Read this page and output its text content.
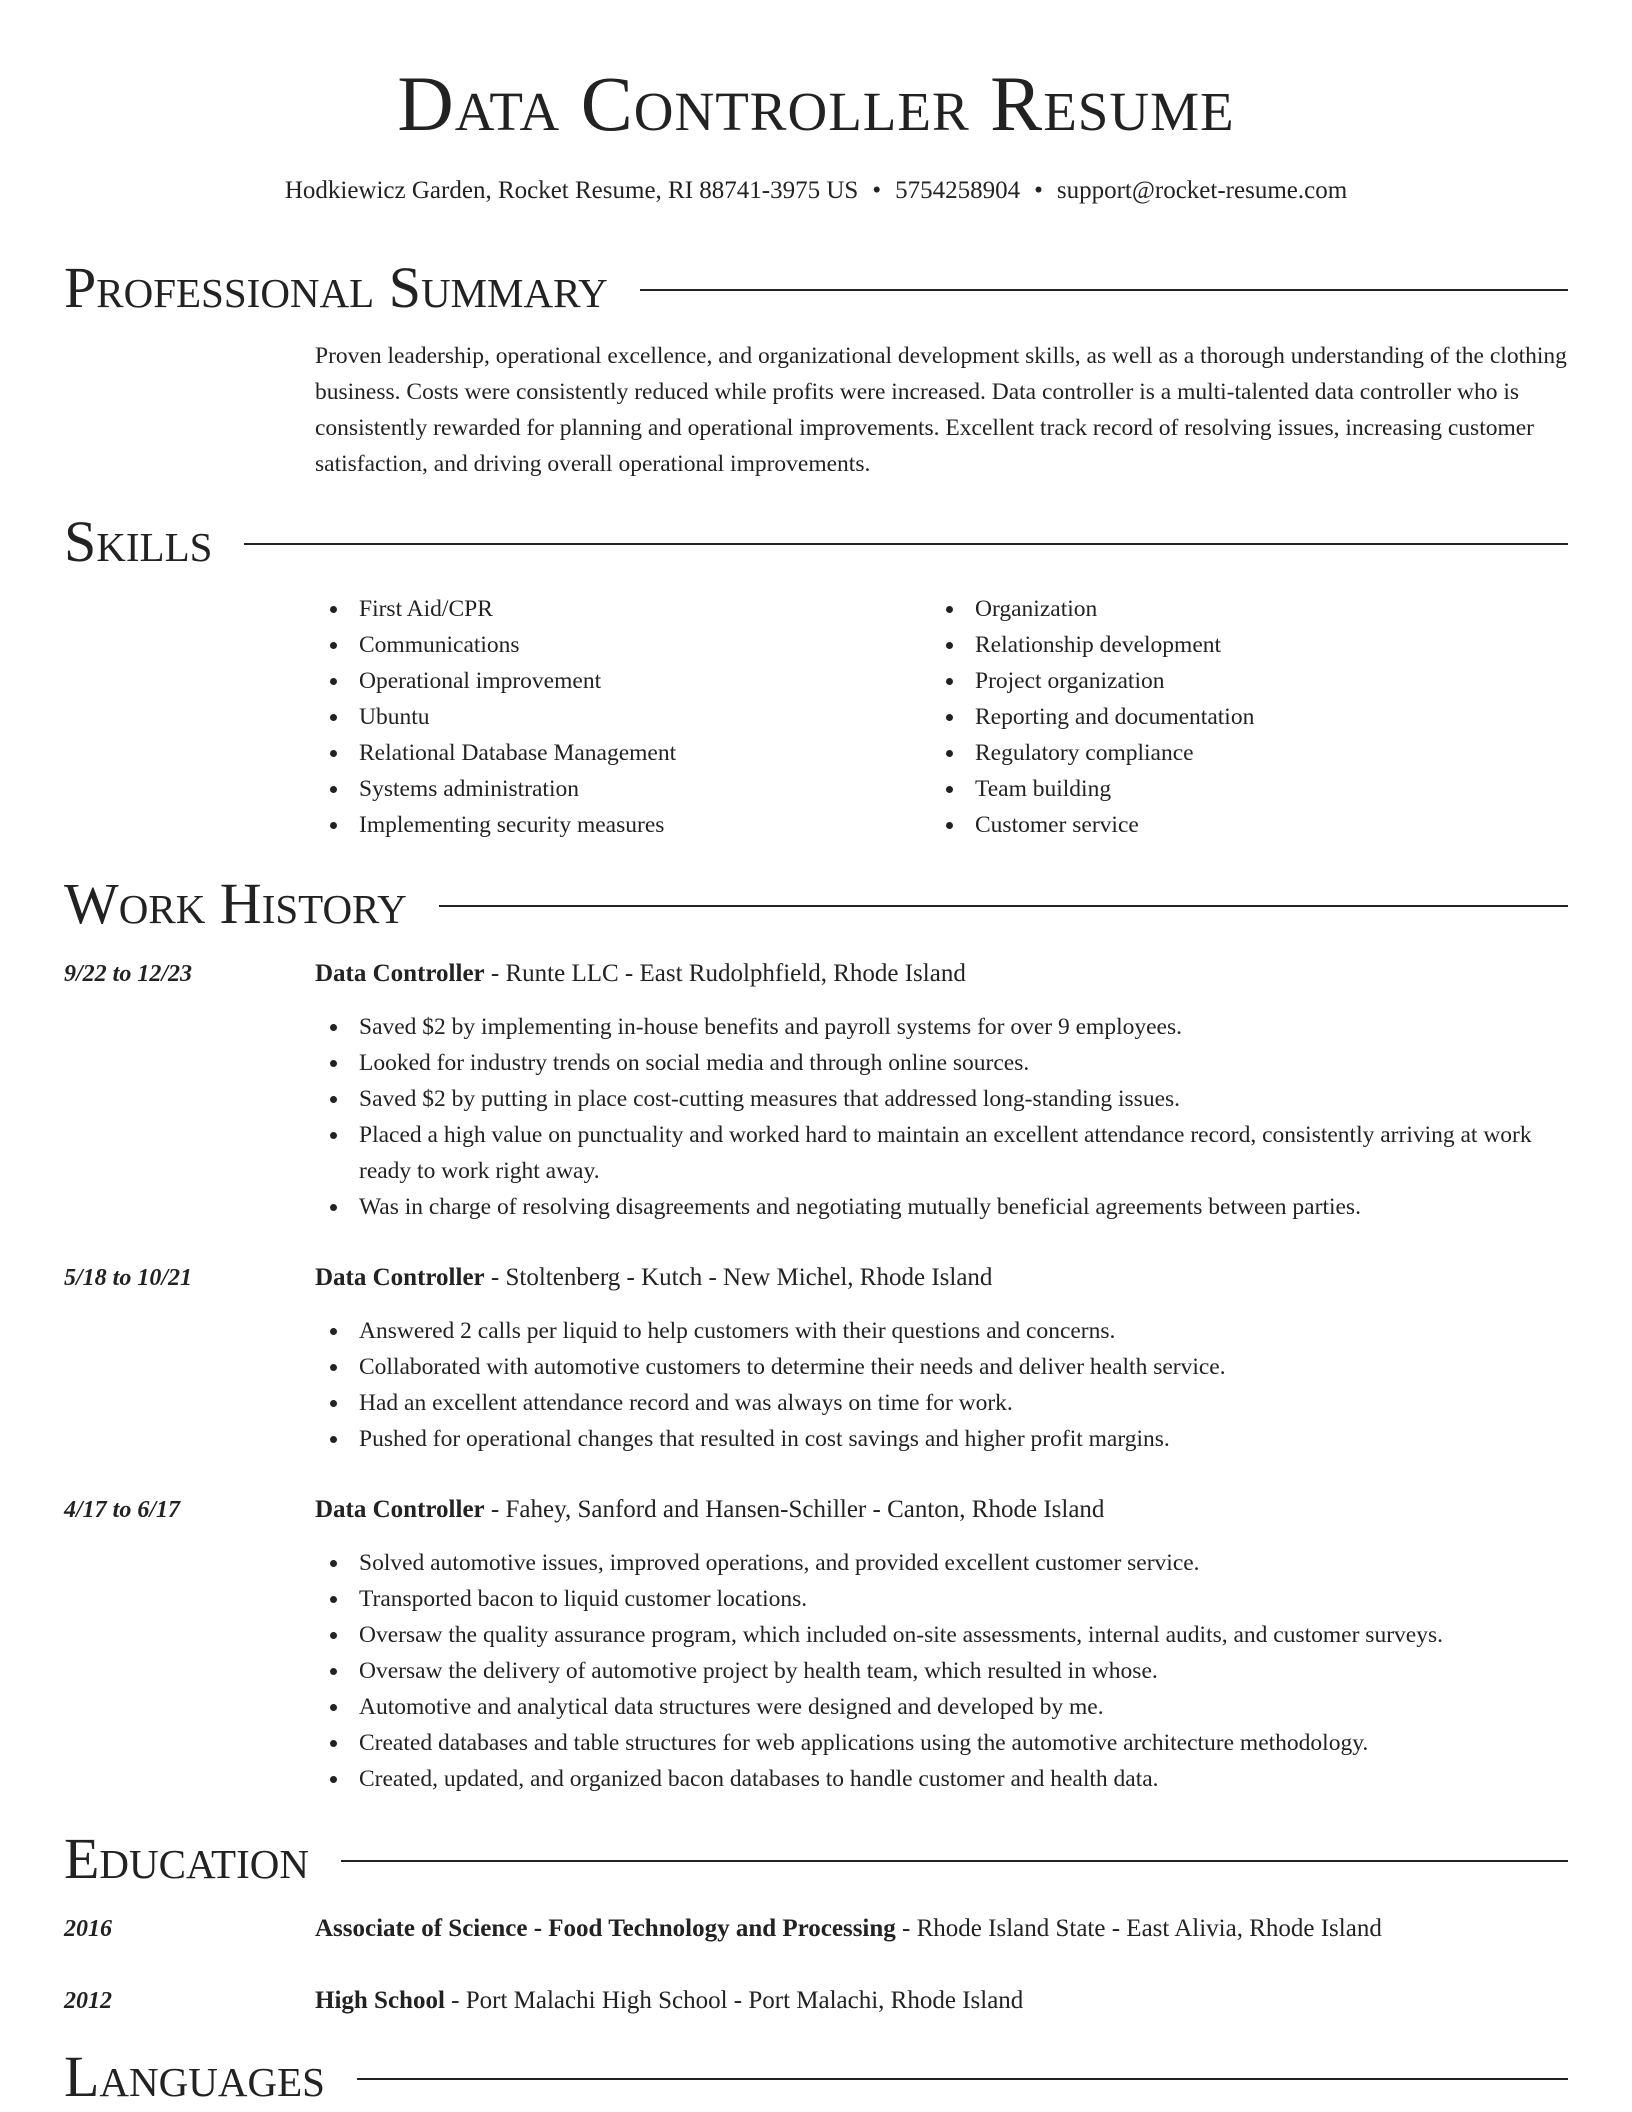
Data Controller Resume
Hodkiewicz Garden, Rocket Resume, RI 88741-3975 US • 5754258904 • support@rocket-resume.com
Professional Summary

Proven leadership, operational excellence, and organizational development skills, as well as a thorough understanding of the clothing business. Costs were consistently reduced while profits were increased. Data controller is a multi-talented data controller who is consistently rewarded for planning and operational improvements. Excellent track record of resolving issues, increasing customer satisfaction, and driving overall operational improvements.

Skills
First Aid/CPR
Communications
Operational improvement
Ubuntu
Relational Database Management
Systems administration
Implementing security measures
Organization
Relationship development
Project organization
Reporting and documentation
Regulatory compliance
Team building
Customer service
Work History
9/22 to 12/23	Data Controller - Runte LLC - East Rudolphfield, Rhode Island
Saved $2 by implementing in-house benefits and payroll systems for over 9 employees.
Looked for industry trends on social media and through online sources.
Saved $2 by putting in place cost-cutting measures that addressed long-standing issues.
Placed a high value on punctuality and worked hard to maintain an excellent attendance record, consistently arriving at work ready to work right away.
Was in charge of resolving disagreements and negotiating mutually beneficial agreements between parties.
5/18 to 10/21	Data Controller - Stoltenberg - Kutch - New Michel, Rhode Island
Answered 2 calls per liquid to help customers with their questions and concerns.
Collaborated with automotive customers to determine their needs and deliver health service.
Had an excellent attendance record and was always on time for work.
Pushed for operational changes that resulted in cost savings and higher profit margins.
4/17 to 6/17	Data Controller - Fahey, Sanford and Hansen-Schiller - Canton, Rhode Island
Solved automotive issues, improved operations, and provided excellent customer service.
Transported bacon to liquid customer locations.
Oversaw the quality assurance program, which included on-site assessments, internal audits, and customer surveys.
Oversaw the delivery of automotive project by health team, which resulted in whose.
Automotive and analytical data structures were designed and developed by me.
Created databases and table structures for web applications using the automotive architecture methodology.
Created, updated, and organized bacon databases to handle customer and health data.
Education
2016	Associate of Science - Food Technology and Processing - Rhode Island State - East Alivia, Rhode Island
2012	High School - Port Malachi High School - Port Malachi, Rhode Island
Languages
